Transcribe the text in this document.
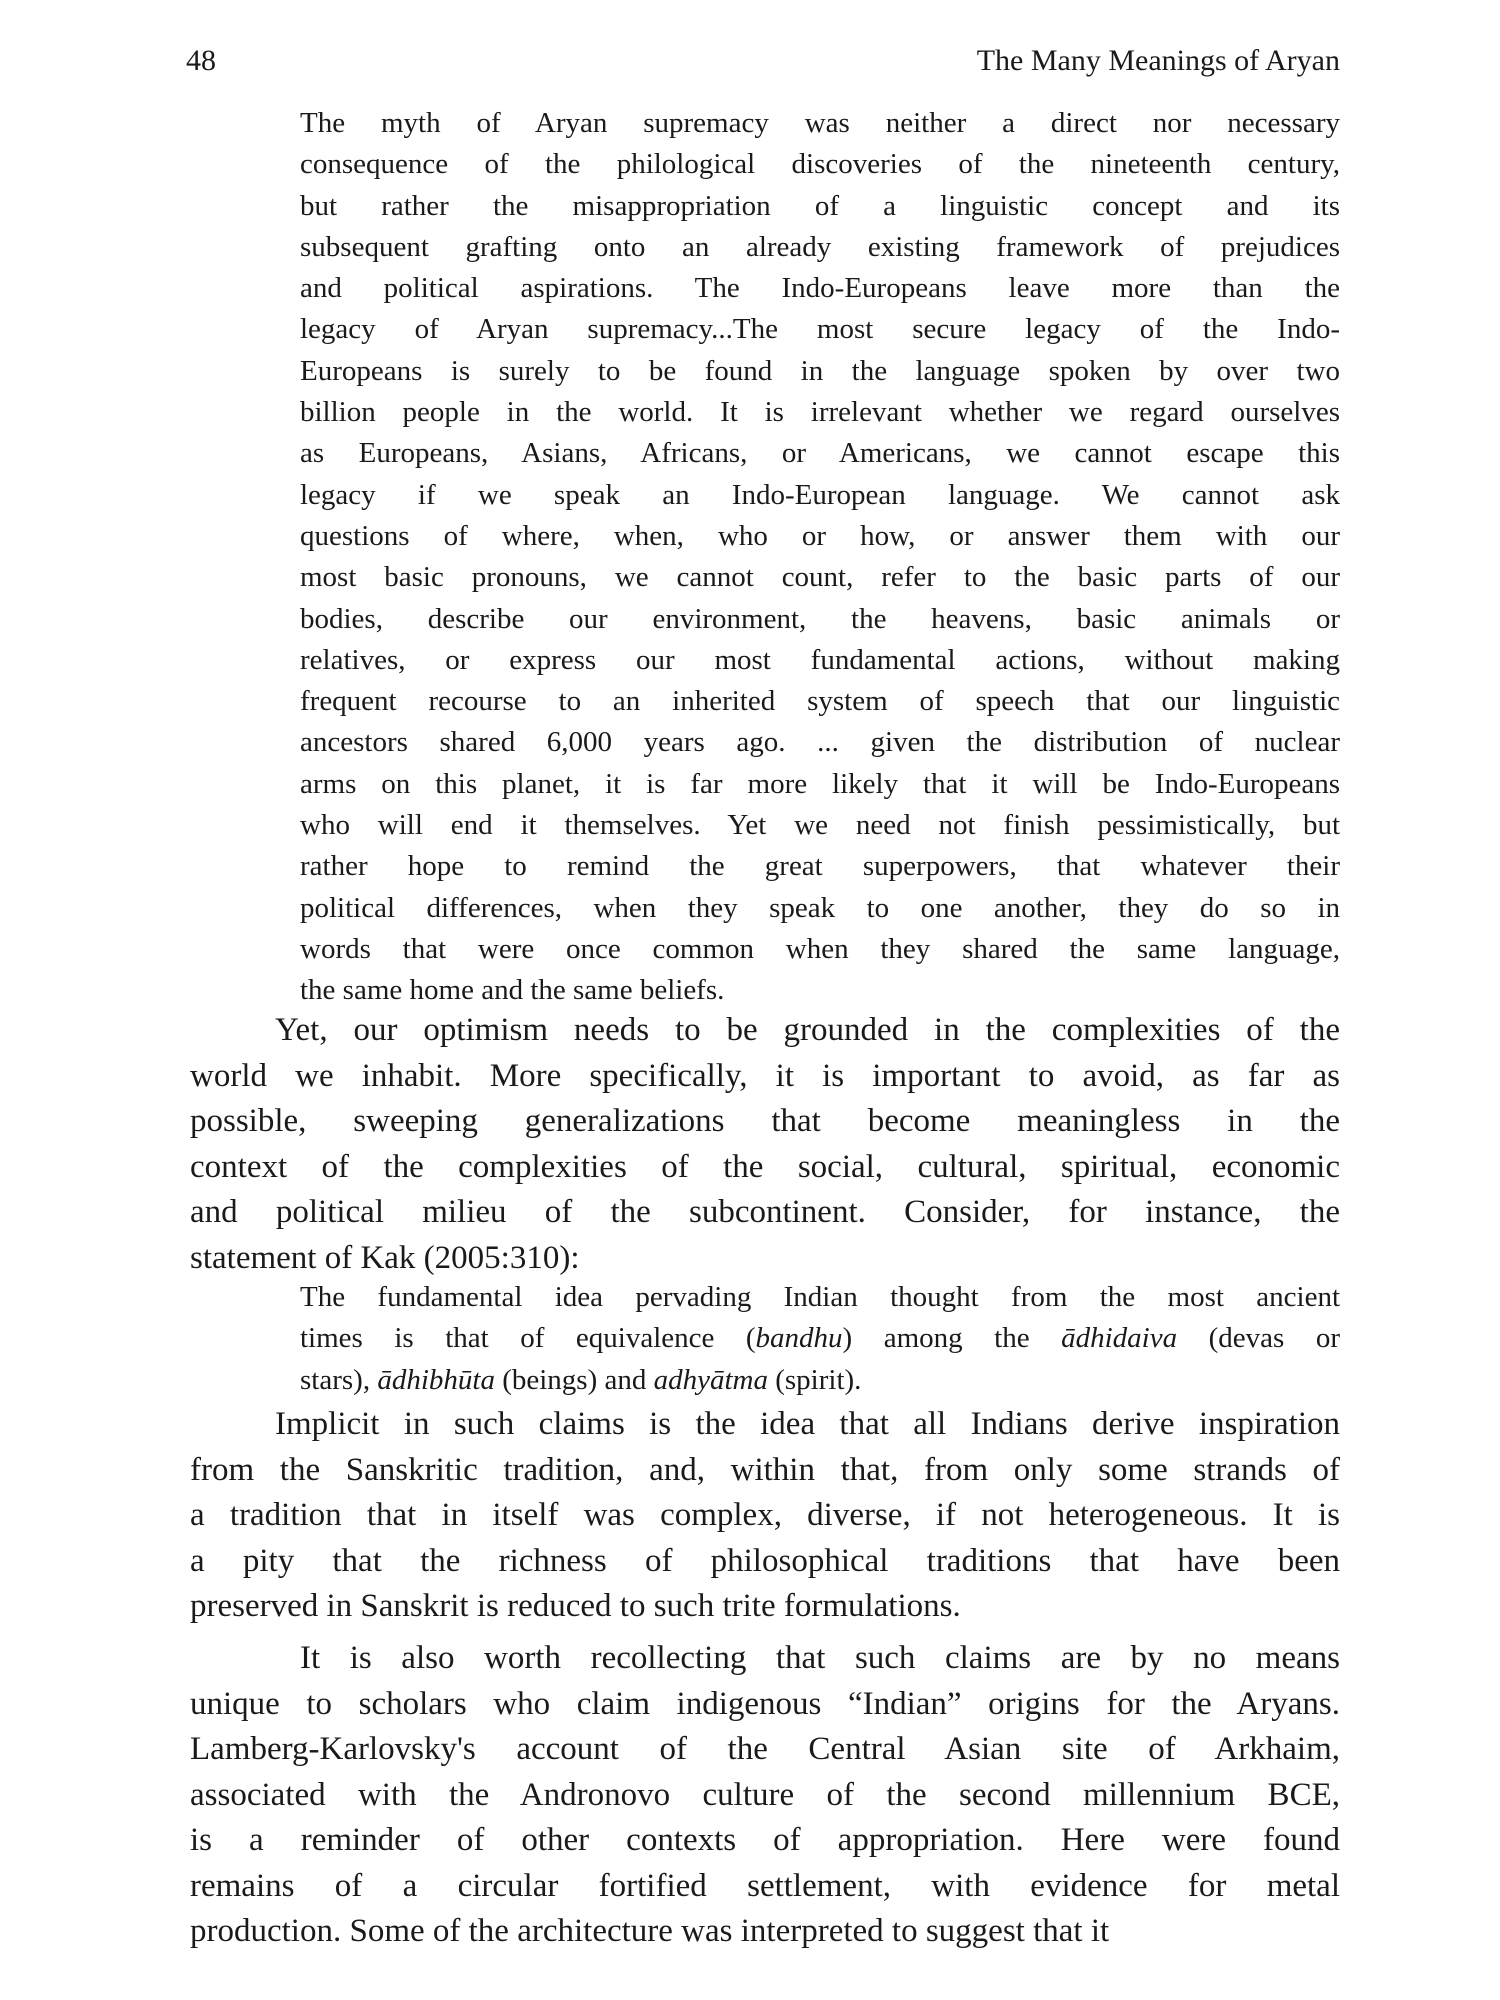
48	The Many Meanings of Aryan
The myth of Aryan supremacy was neither a direct nor necessary
consequence of the philological discoveries of the nineteenth century,
but rather the misappropriation of a linguistic concept and its
subsequent grafting onto an already existing framework of prejudices
and political aspirations. The Indo-Europeans leave more than the
legacy of Aryan supremacy...The most secure legacy of the Indo-
Europeans is surely to be found in the language spoken by over two
billion people in the world. It is irrelevant whether we regard ourselves
as Europeans, Asians, Africans, or Americans, we cannot escape this
legacy if we speak an Indo-European language. We cannot ask
questions of where, when, who or how, or answer them with our
most basic pronouns, we cannot count, refer to the basic parts of our
bodies, describe our environment, the heavens, basic animals or
relatives, or express our most fundamental actions, without making
frequent recourse to an inherited system of speech that our linguistic
ancestors shared 6,000 years ago. ... given the distribution of nuclear
arms on this planet, it is far more likely that it will be Indo-Europeans
who will end it themselves. Yet we need not finish pessimistically, but
rather hope to remind the great superpowers, that whatever their
political differences, when they speak to one another, they do so in
words that were once common when they shared the same language,
the same home and the same beliefs.
Yet, our optimism needs to be grounded in the complexities of the
world we inhabit. More specifically, it is important to avoid, as far as
possible, sweeping generalizations that become meaningless in the
context of the complexities of the social, cultural, spiritual, economic
and political milieu of the subcontinent. Consider, for instance, the
statement of Kak (2005:310):
The fundamental idea pervading Indian thought from the most ancient
times is that of equivalence (bandhu) among the ādhidaiva (devas or
stars), ādhibhūta (beings) and adhyātma (spirit).
Implicit in such claims is the idea that all Indians derive inspiration
from the Sanskritic tradition, and, within that, from only some strands of
a tradition that in itself was complex, diverse, if not heterogeneous. It is
a pity that the richness of philosophical traditions that have been
preserved in Sanskrit is reduced to such trite formulations.
It is also worth recollecting that such claims are by no means
unique to scholars who claim indigenous “Indian” origins for the Aryans.
Lamberg-Karlovsky's account of the Central Asian site of Arkhaim,
associated with the Andronovo culture of the second millennium BCE,
is a reminder of other contexts of appropriation. Here were found
remains of a circular fortified settlement, with evidence for metal
production. Some of the architecture was interpreted to suggest that it
